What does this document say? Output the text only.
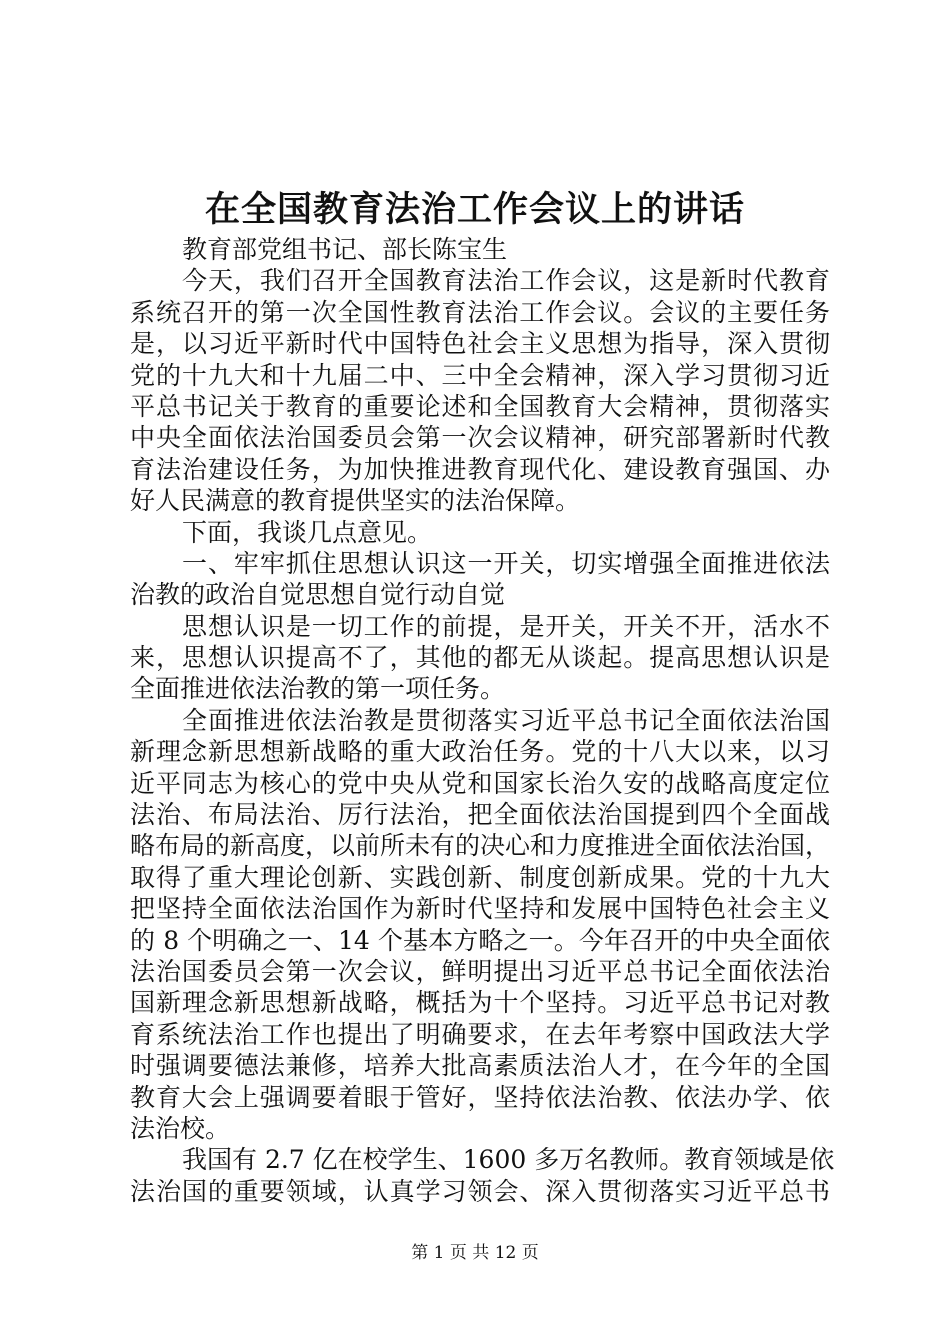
在全国教育法治工作会议上的讲话
教育部党组书记、部长陈宝生
今天，我们召开全国教育法治工作会议，这是新时代教育
系统召开的第一次全国性教育法治工作会议。会议的主要任务
是，以习近平新时代中国特色社会主义思想为指导，深入贯彻
党的十九大和十九届二中、三中全会精神，深入学习贯彻习近
平总书记关于教育的重要论述和全国教育大会精神，贯彻落实
中央全面依法治国委员会第一次会议精神，研究部署新时代教
育法治建设任务，为加快推进教育现代化、建设教育强国、办
好人民满意的教育提供坚实的法治保障。
下面，我谈几点意见。
一、牢牢抓住思想认识这一开关，切实增强全面推进依法
治教的政治自觉思想自觉行动自觉
思想认识是一切工作的前提，是开关，开关不开，活水不
来，思想认识提高不了，其他的都无从谈起。提高思想认识是
全面推进依法治教的第一项任务。
全面推进依法治教是贯彻落实习近平总书记全面依法治国
新理念新思想新战略的重大政治任务。党的十八大以来，以习
近平同志为核心的党中央从党和国家长治久安的战略高度定位
法治、布局法治、厉行法治，把全面依法治国提到四个全面战
略布局的新高度，以前所未有的决心和力度推进全面依法治国，
取得了重大理论创新、实践创新、制度创新成果。党的十九大
把坚持全面依法治国作为新时代坚持和发展中国特色社会主义
的 8 个明确之一、14 个基本方略之一。今年召开的中央全面依
法治国委员会第一次会议，鲜明提出习近平总书记全面依法治
国新理念新思想新战略，概括为十个坚持。习近平总书记对教
育系统法治工作也提出了明确要求，在去年考察中国政法大学
时强调要德法兼修，培养大批高素质法治人才，在今年的全国
教育大会上强调要着眼于管好，坚持依法治教、依法办学、依
法治校。
我国有 2.7 亿在校学生、1600 多万名教师。教育领域是依
法治国的重要领域，认真学习领会、深入贯彻落实习近平总书
第 1 页 共 12 页
